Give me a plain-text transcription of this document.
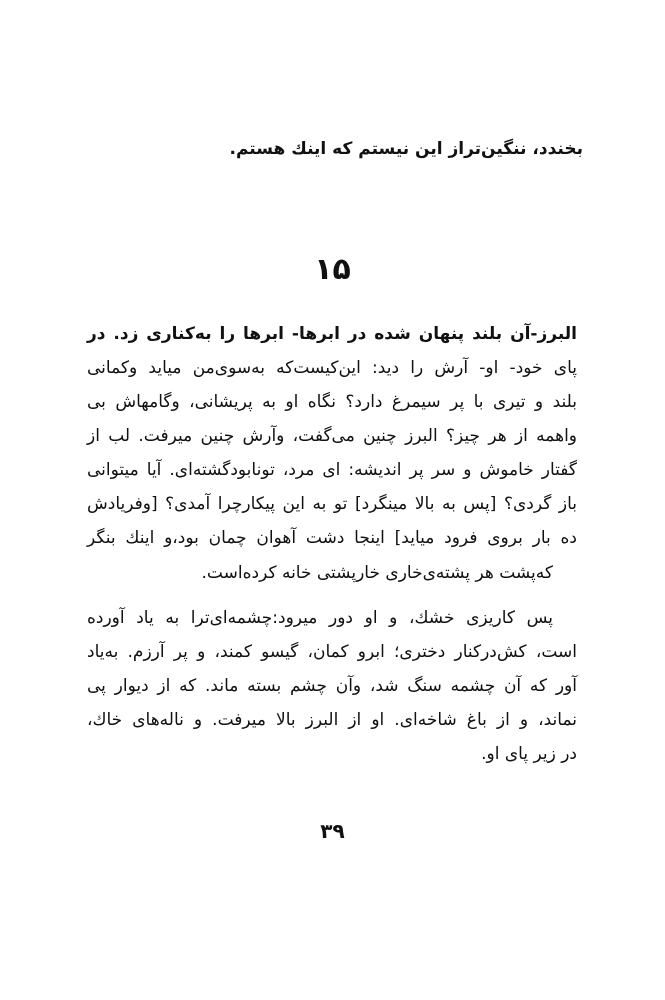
بخندد، ننگین‌تراز این نیستم که اینك هستم.

۱۵

البرز-آن بلند پنهان شده در ابرها- ابرها را به‌کناری زد. در

پای خود- او- آرش را دید: این‌کیست‌که به‌سوی‌من میاید و‌کمانی

بلند و تیری با پر سیمرغ دارد؟ نگاه او به پریشانی، و‌گامهاش بی

واهمه از هر چیز؟ البرز چنین می‌گفت، وآرش چنین میرفت. لب از

گفتار خاموش و سر پر اندیشه: ای مرد، تونابودگشته‌ای. آیا میتوانی

باز گردی؟ [پس به بالا مینگرد] تو به این پیکارچرا آمدی؟ [وفریادش

ده بار بروی فرود میاید] اینجا دشت آهوان چمان بود،و اینك بنگر

که‌پشت هر پشته‌ی‌خاری خارپشتی خانه کرده‌است.

پس کاریزی خشك، و او دور میرود:چشمه‌ای‌ترا به یاد آورده

است، کش‌درکنار دختری؛ ابرو کمان، گیسو کمند، و پر آرزم. به‌یاد

آور که آن چشمه سنگ شد، وآن چشم بسته ماند. که از دیوار پی

نماند، و از باغ شاخه‌ای. او از البرز بالا میرفت. و ناله‌های خاك،

در زیر پای او.

۳۹
